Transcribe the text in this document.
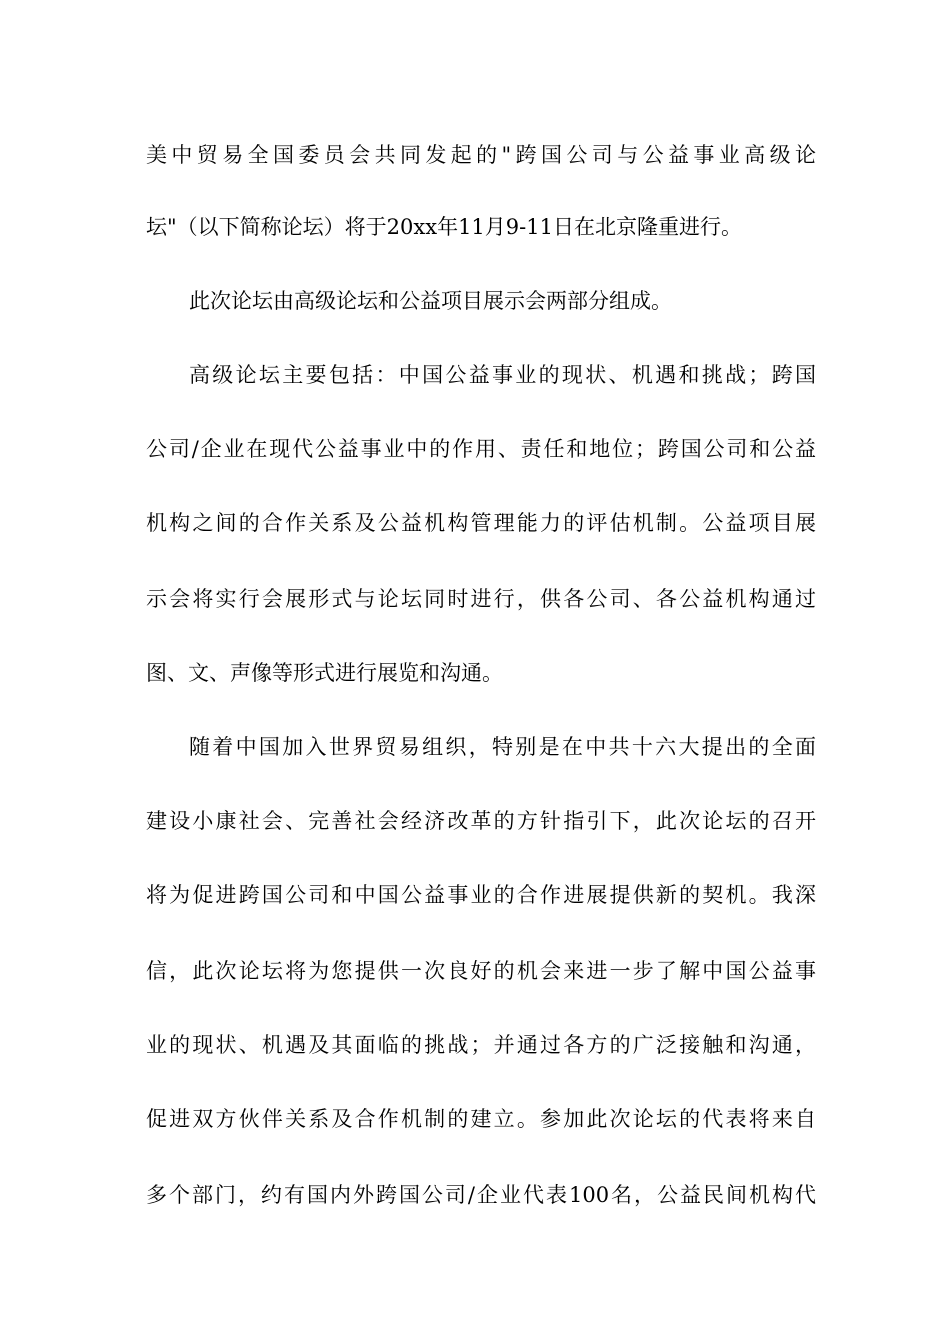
美中贸易全国委员会共同发起的"跨国公司与公益事业高级论
坛"（以下简称论坛）将于20xx年11月9-11日在北京隆重进行。
此次论坛由高级论坛和公益项目展示会两部分组成。
高级论坛主要包括：中国公益事业的现状、机遇和挑战；跨国
公司/企业在现代公益事业中的作用、责任和地位；跨国公司和公益
机构之间的合作关系及公益机构管理能力的评估机制。公益项目展
示会将实行会展形式与论坛同时进行，供各公司、各公益机构通过
图、文、声像等形式进行展览和沟通。
随着中国加入世界贸易组织，特别是在中共十六大提出的全面
建设小康社会、完善社会经济改革的方针指引下，此次论坛的召开
将为促进跨国公司和中国公益事业的合作进展提供新的契机。我深
信，此次论坛将为您提供一次良好的机会来进一步了解中国公益事
业的现状、机遇及其面临的挑战；并通过各方的广泛接触和沟通，
促进双方伙伴关系及合作机制的建立。参加此次论坛的代表将来自
多个部门，约有国内外跨国公司/企业代表100名，公益民间机构代
